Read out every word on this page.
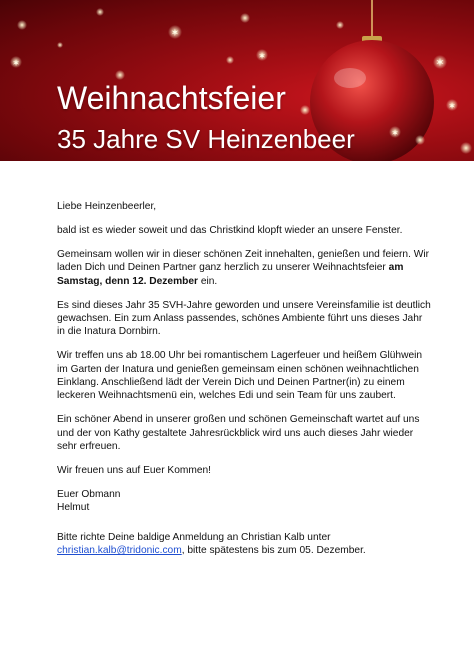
✶
✶
✶
✶
✶
✶
Weihnachtsfeier
35 Jahre SV Heinzenbeer

Liebe Heinzenbeerler,

bald ist es wieder soweit und das Christkind klopft wieder an unsere Fenster.

Gemeinsam wollen wir in dieser schönen Zeit innehalten, genießen und feiern. Wir laden Dich und Deinen Partner ganz herzlich zu unserer Weihnachtsfeier am Samstag, denn 12. Dezember ein.

Es sind dieses Jahr 35 SVH-Jahre geworden und unsere Vereinsfamilie ist deutlich gewachsen. Ein zum Anlass passendes, schönes Ambiente führt uns dieses Jahr in die Inatura Dornbirn.

Wir treffen uns ab 18.00 Uhr bei romantischem Lagerfeuer und heißem Glühwein im Garten der Inatura und genießen gemeinsam einen schönen weihnachtlichen Einklang. Anschließend lädt der Verein Dich und Deinen Partner(in) zu einem leckeren Weihnachtsmenü ein, welches Edi und sein Team für uns zaubert.

Ein schöner Abend in unserer großen und schönen Gemeinschaft wartet auf uns und der von Kathy gestaltete Jahresrückblick wird uns auch dieses Jahr wieder sehr erfreuen.

Wir freuen uns auf Euer Kommen!

Euer Obmann
Helmut

Bitte richte Deine baldige Anmeldung an Christian Kalb unter
christian.kalb@tridonic.com, bitte spätestens bis zum 05. Dezember.
